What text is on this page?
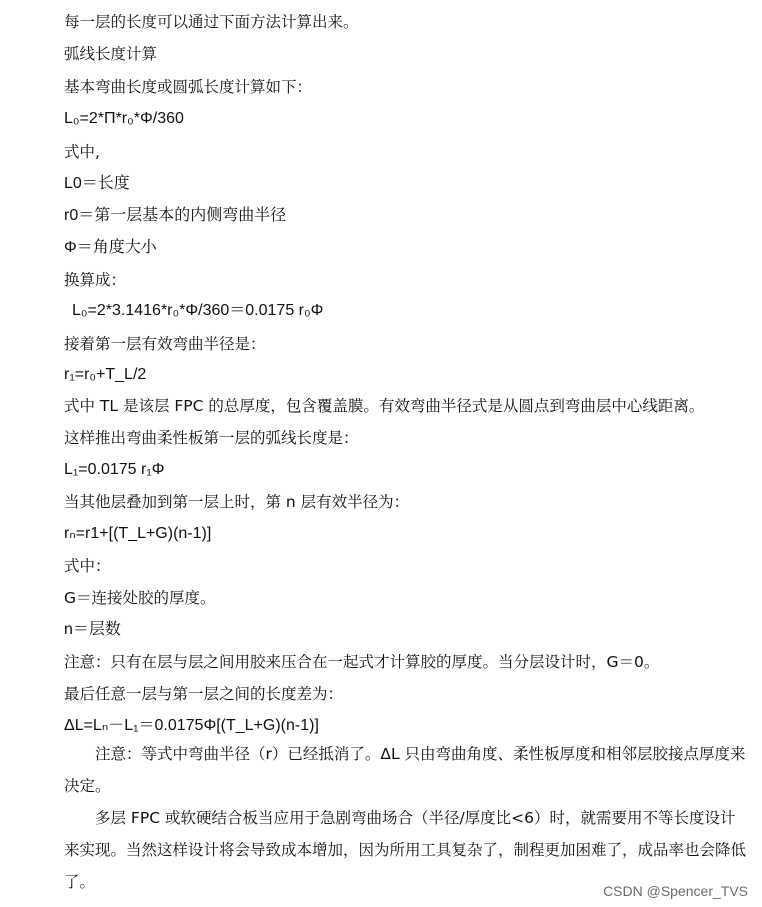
每一层的长度可以通过下面方法计算出来。
弧线长度计算
基本弯曲长度或圆弧长度计算如下：
L₀=2*Π*r₀*Φ/360
式中,
L0＝长度
r0＝第一层基本的内侧弯曲半径
Φ＝角度大小
换算成：
L₀=2*3.1416*r₀*Φ/360＝0.0175 r₀Φ
接着第一层有效弯曲半径是：
r₁=r₀+T_L/2
式中 TL 是该层 FPC 的总厚度，包含覆盖膜。有效弯曲半径式是从圆点到弯曲层中心线距离。
这样推出弯曲柔性板第一层的弧线长度是：
L₁=0.0175 r₁Φ
当其他层叠加到第一层上时，第 n 层有效半径为：
rₙ=r1+[(T_L+G)(n-1)]
式中：
G＝连接处胶的厚度。
n＝层数
注意：只有在层与层之间用胶来压合在一起式才计算胶的厚度。当分层设计时，G＝0。
最后任意一层与第一层之间的长度差为：
ΔL=Lₙ－L₁＝0.0175Φ[(T_L+G)(n-1)]
注意：等式中弯曲半径（r）已经抵消了。ΔL 只由弯曲角度、柔性板厚度和相邻层胶接点厚度来决定。
多层 FPC 或软硬结合板当应用于急剧弯曲场合（半径/厚度比<6）时，就需要用不等长度设计来实现。当然这样设计将会导致成本增加，因为所用工具复杂了，制程更加困难了，成品率也会降低了。	CSDN @Spencer_TVS
